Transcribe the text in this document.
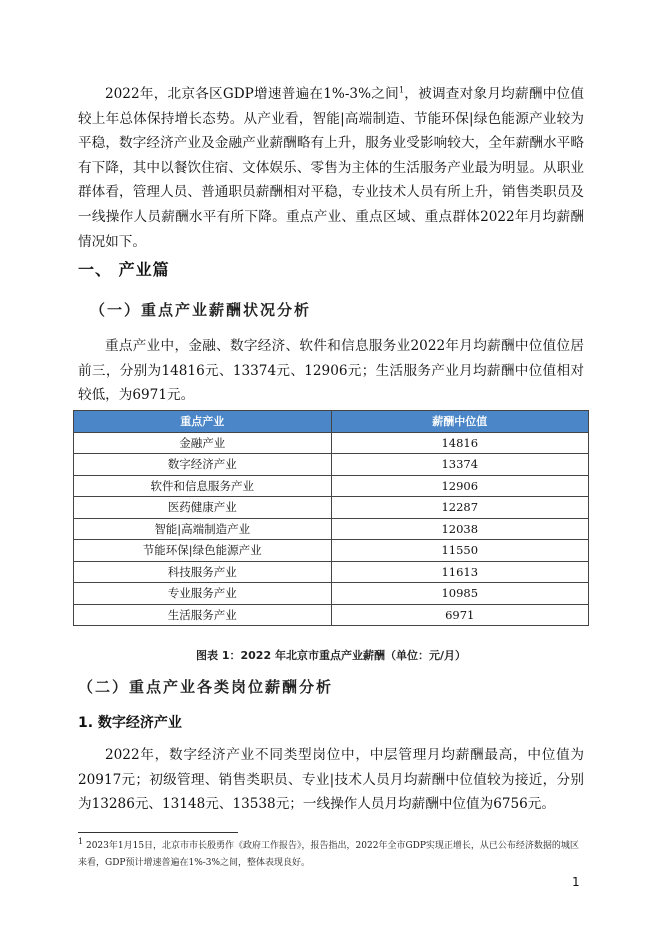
2022年，北京各区GDP增速普遍在1%-3%之间$^1$，被调查对象月均薪酬中位值较上年总体保持增长态势。从产业看，智能|高端制造、节能环保|绿色能源产业较为平稳，数字经济产业及金融产业薪酬略有上升，服务业受影响较大，全年薪酬水平略有下降，其中以餐饮住宿、文体娱乐、零售为主体的生活服务产业最为明显。从职业群体看，管理人员、普通职员薪酬相对平稳，专业技术人员有所上升，销售类职员及一线操作人员薪酬水平有所下降。重点产业、重点区域、重点群体2022年月均薪酬情况如下。

一、 产业篇
（一）重点产业薪酬状况分析

重点产业中，金融、数字经济、软件和信息服务业2022年月均薪酬中位值位居前三，分别为14816元、13374元、12906元；生活服务产业月均薪酬中位值相对较低，为6971元。

重点产业	薪酬中位值
金融产业	14816
数字经济产业	13374
软件和信息服务产业	12906
医药健康产业	12287
智能|高端制造产业	12038
节能环保|绿色能源产业	11550
科技服务产业	11613
专业服务产业	10985
生活服务产业	6971
图表 1：2022 年北京市重点产业薪酬（单位：元/月）
（二）重点产业各类岗位薪酬分析
1. 数字经济产业

2022年，数字经济产业不同类型岗位中，中层管理月均薪酬最高，中位值为20917元；初级管理、销售类职员、专业|技术人员月均薪酬中位值较为接近，分别为13286元、13148元、13538元；一线操作人员月均薪酬中位值为6756元。

1 2023年1月15日，北京市市长殷勇作《政府工作报告》，报告指出，2022年全市GDP实现正增长，从已公布经济数据的城区来看，GDP预计增速普遍在1%-3%之间，整体表现良好。

1
